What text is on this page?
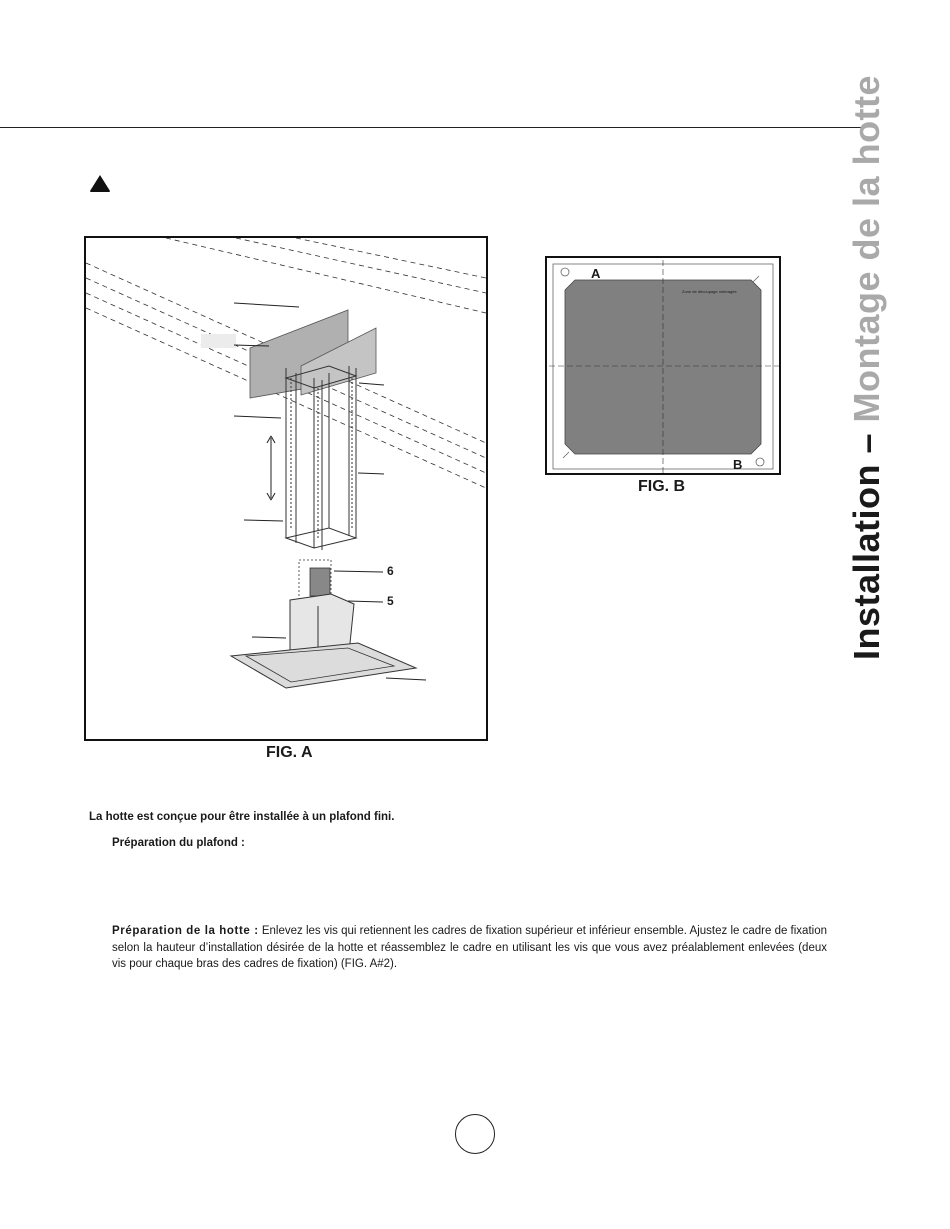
Installation – Montage de la hotte
6
5
FIG. A
A
B
Zone de découpage ombragée
FIG. B
La hotte est conçue pour être installée à un plafond fini.
Préparation du plafond :
Préparation de la hotte : Enlevez les vis qui retiennent les cadres de fixation supérieur et inférieur ensemble. Ajustez le cadre de fixation selon la hauteur d’installation désirée de la hotte et réassemblez le cadre en utilisant les vis que vous avez préalablement enlevées (deux vis pour chaque bras des cadres de fixation) (FIG. A#2).
